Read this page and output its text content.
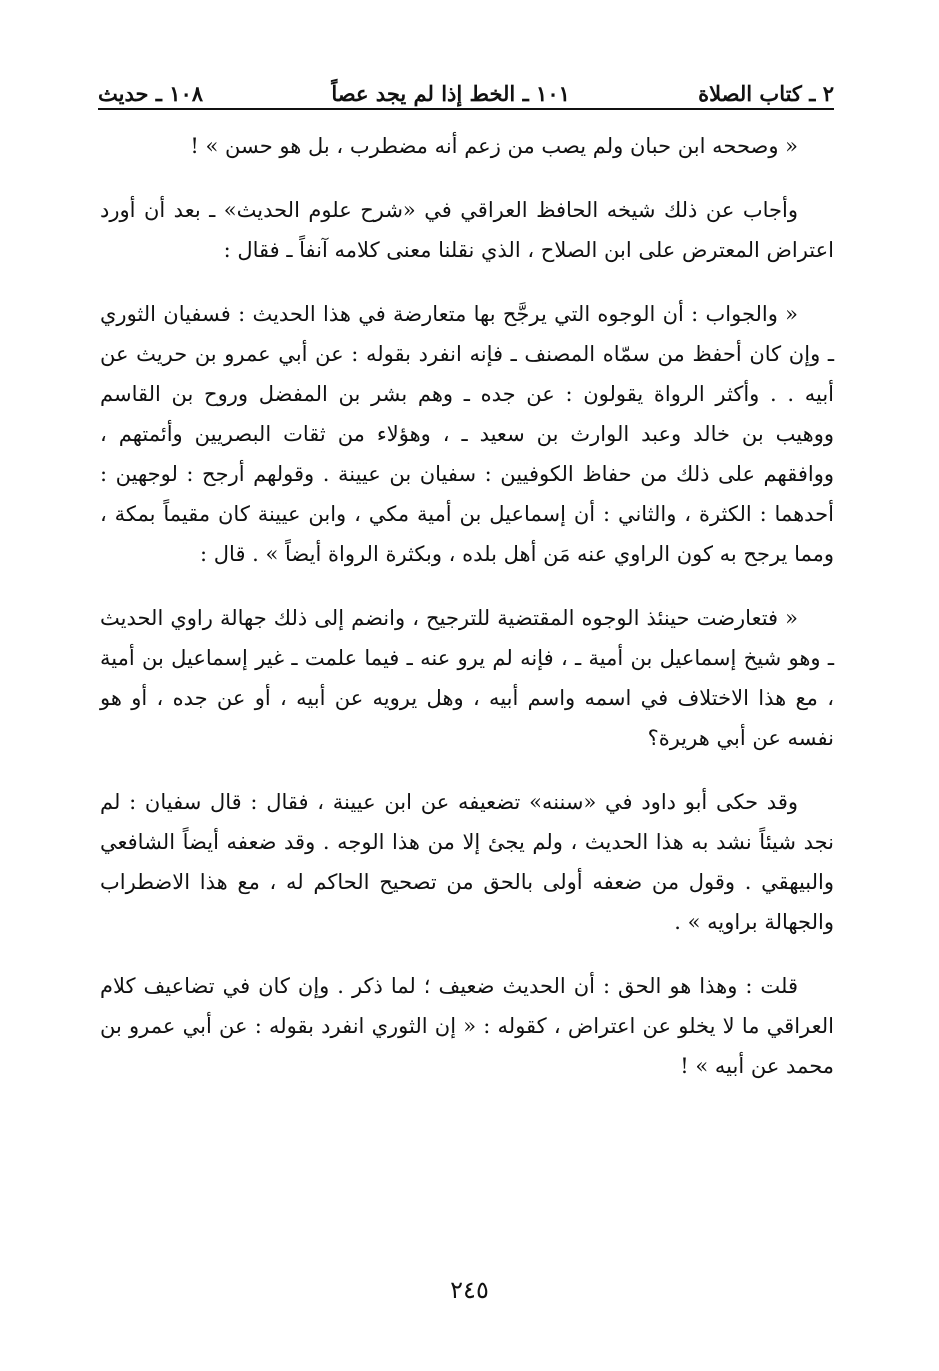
٢ ـ كتاب الصلاة
١٠١ ـ الخط إذا لم يجد عصاً
١٠٨ ـ حديث

« وصححه ابن حبان ولم يصب من زعم أنه مضطرب ، بل هو حسن » !

وأجاب عن ذلك شيخه الحافظ العراقي في «شرح علوم الحديث» ـ بعد أن أورد اعتراض المعترض على ابن الصلاح ، الذي نقلنا معنى كلامه آنفاً ـ فقال :

« والجواب : أن الوجوه التي يرجَّح بها متعارضة في هذا الحديث : فسفيان الثوري ـ وإن كان أحفظ من سمّاه المصنف ـ فإنه انفرد بقوله : عن أبي عمرو بن حريث عن أبيه . . وأكثر الرواة يقولون : عن جده ـ وهم بشر بن المفضل وروح بن القاسم ووهيب بن خالد وعبد الوارث بن سعيد ـ ، وهؤلاء من ثقات البصريين وأئمتهم ، ووافقهم على ذلك من حفاظ الكوفيين : سفيان بن عيينة . وقولهم أرجح : لوجهين : أحدهما : الكثرة ، والثاني : أن إسماعيل بن أمية مكي ، وابن عيينة كان مقيماً بمكة ، ومما يرجح به كون الراوي عنه مَن أهل بلده ، وبكثرة الرواة أيضاً » . قال :

« فتعارضت حينئذ الوجوه المقتضية للترجيح ، وانضم إلى ذلك جهالة راوي الحديث ـ وهو شيخ إسماعيل بن أمية ـ ، فإنه لم يرو عنه ـ فيما علمت ـ غير إسماعيل بن أمية ، مع هذا الاختلاف في اسمه واسم أبيه ، وهل يرويه عن أبيه ، أو عن جده ، أو هو نفسه عن أبي هريرة؟

وقد حكى أبو داود في «سننه» تضعيفه عن ابن عيينة ، فقال : قال سفيان : لم نجد شيئاً نشد به هذا الحديث ، ولم يجئ إلا من هذا الوجه . وقد ضعفه أيضاً الشافعي والبيهقي . وقول من ضعفه أولى بالحق من تصحيح الحاكم له ، مع هذا الاضطراب والجهالة براويه » .

قلت : وهذا هو الحق : أن الحديث ضعيف ؛ لما ذكر . وإن كان في تضاعيف كلام العراقي ما لا يخلو عن اعتراض ، كقوله : « إن الثوري انفرد بقوله : عن أبي عمرو بن محمد عن أبيه » !

٢٤٥
